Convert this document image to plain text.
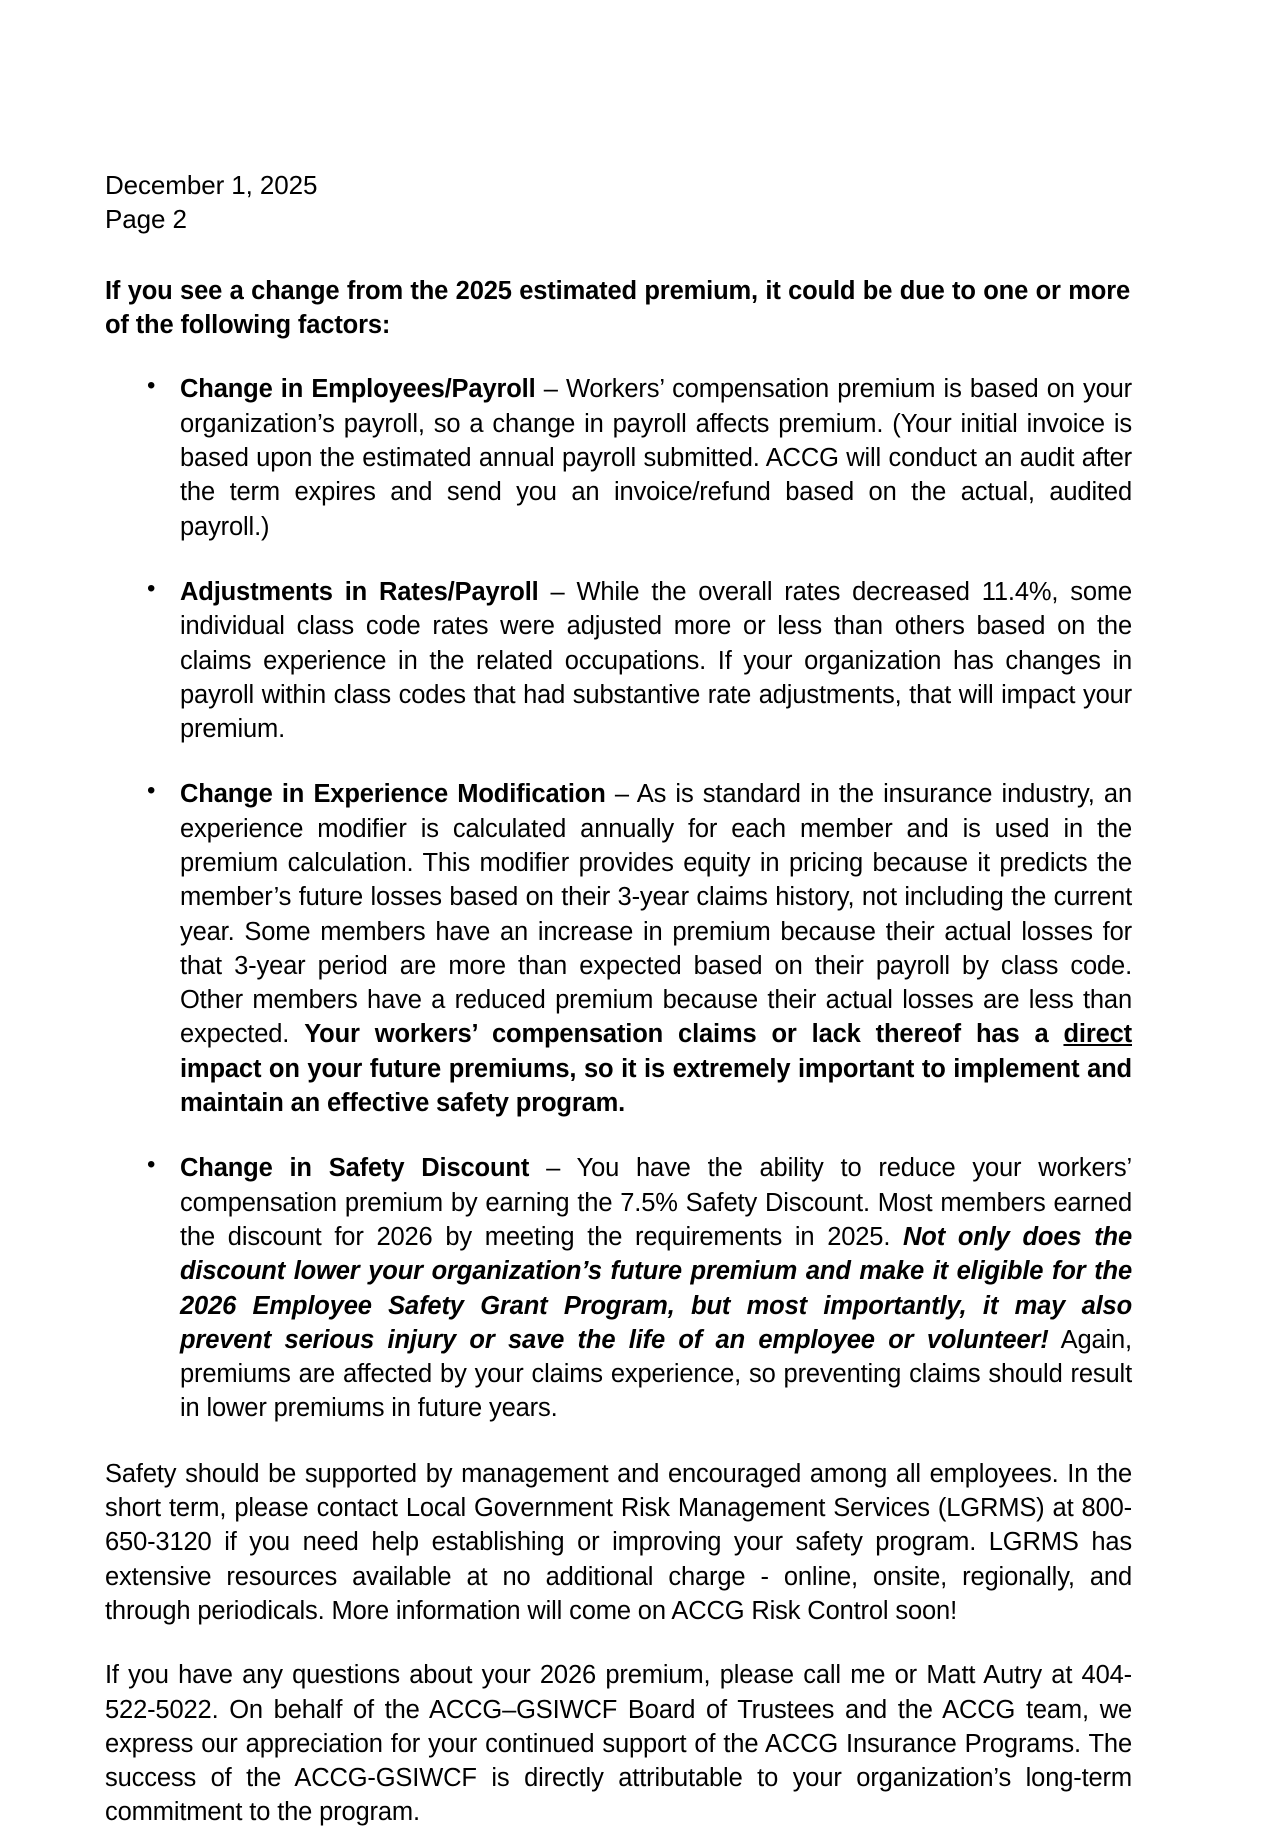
December 1, 2025
Page 2

If you see a change from the 2025 estimated premium, it could be due to one or more of the following factors:

• Change in Employees/Payroll – Workers’ compensation premium is based on your organization’s payroll, so a change in payroll affects premium. (Your initial invoice is based upon the estimated annual payroll submitted. ACCG will conduct an audit after the term expires and send you an invoice/refund based on the actual, audited payroll.)
• Adjustments in Rates/Payroll – While the overall rates decreased 11.4%, some individual class code rates were adjusted more or less than others based on the claims experience in the related occupations. If your organization has changes in payroll within class codes that had substantive rate adjustments, that will impact your premium.
• Change in Experience Modification – As is standard in the insurance industry, an experience modifier is calculated annually for each member and is used in the premium calculation. This modifier provides equity in pricing because it predicts the member’s future losses based on their 3-year claims history, not including the current year. Some members have an increase in premium because their actual losses for that 3-year period are more than expected based on their payroll by class code. Other members have a reduced premium because their actual losses are less than expected. Your workers’ compensation claims or lack thereof has a direct impact on your future premiums, so it is extremely important to implement and maintain an effective safety program.
• Change in Safety Discount – You have the ability to reduce your workers’ compensation premium by earning the 7.5% Safety Discount. Most members earned the discount for 2026 by meeting the requirements in 2025. Not only does the discount lower your organization’s future premium and make it eligible for the 2026 Employee Safety Grant Program, but most importantly, it may also prevent serious injury or save the life of an employee or volunteer! Again, premiums are affected by your claims experience, so preventing claims should result in lower premiums in future years.

Safety should be supported by management and encouraged among all employees. In the short term, please contact Local Government Risk Management Services (LGRMS) at 800-650-3120 if you need help establishing or improving your safety program. LGRMS has extensive resources available at no additional charge - online, onsite, regionally, and through periodicals. More information will come on ACCG Risk Control soon!

If you have any questions about your 2026 premium, please call me or Matt Autry at 404-522-5022. On behalf of the ACCG–GSIWCF Board of Trustees and the ACCG team, we express our appreciation for your continued support of the ACCG Insurance Programs. The success of the ACCG-GSIWCF is directly attributable to your organization’s long-term commitment to the program.
